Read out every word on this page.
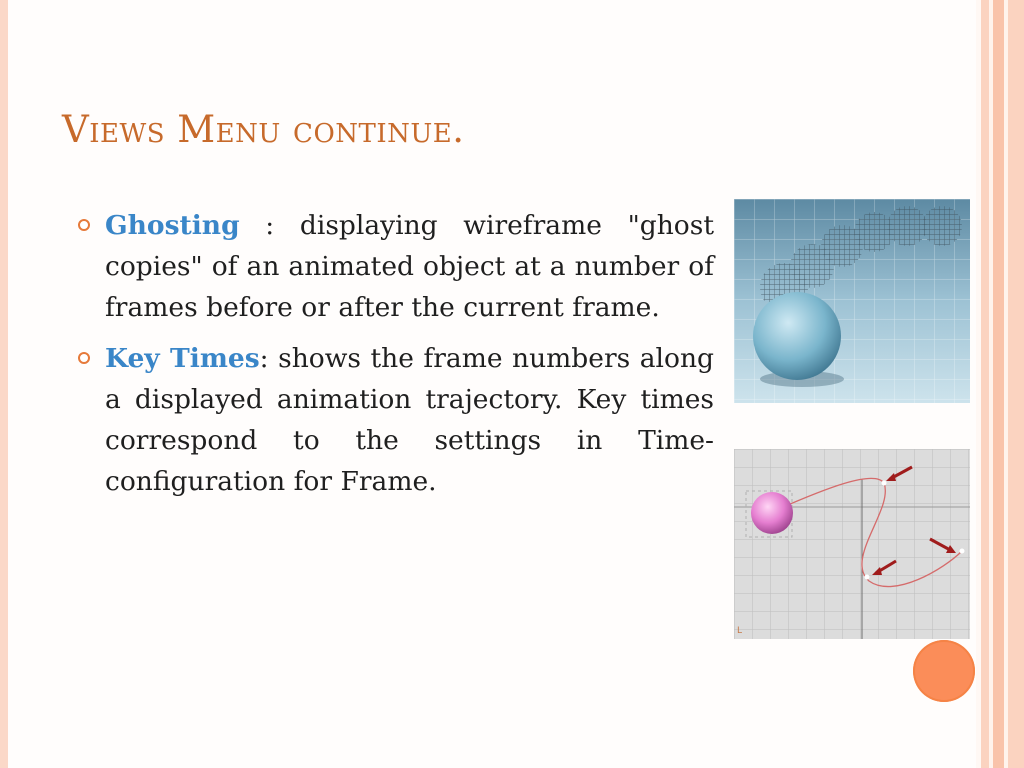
Views Menu continue.
Ghosting : displaying wireframe "ghost copies" of an animated object at a number of frames before or after the current frame.
Key Times: shows the frame numbers along a displayed animation trajectory. Key times correspond to the settings in Time-configuration for Frame.
L
